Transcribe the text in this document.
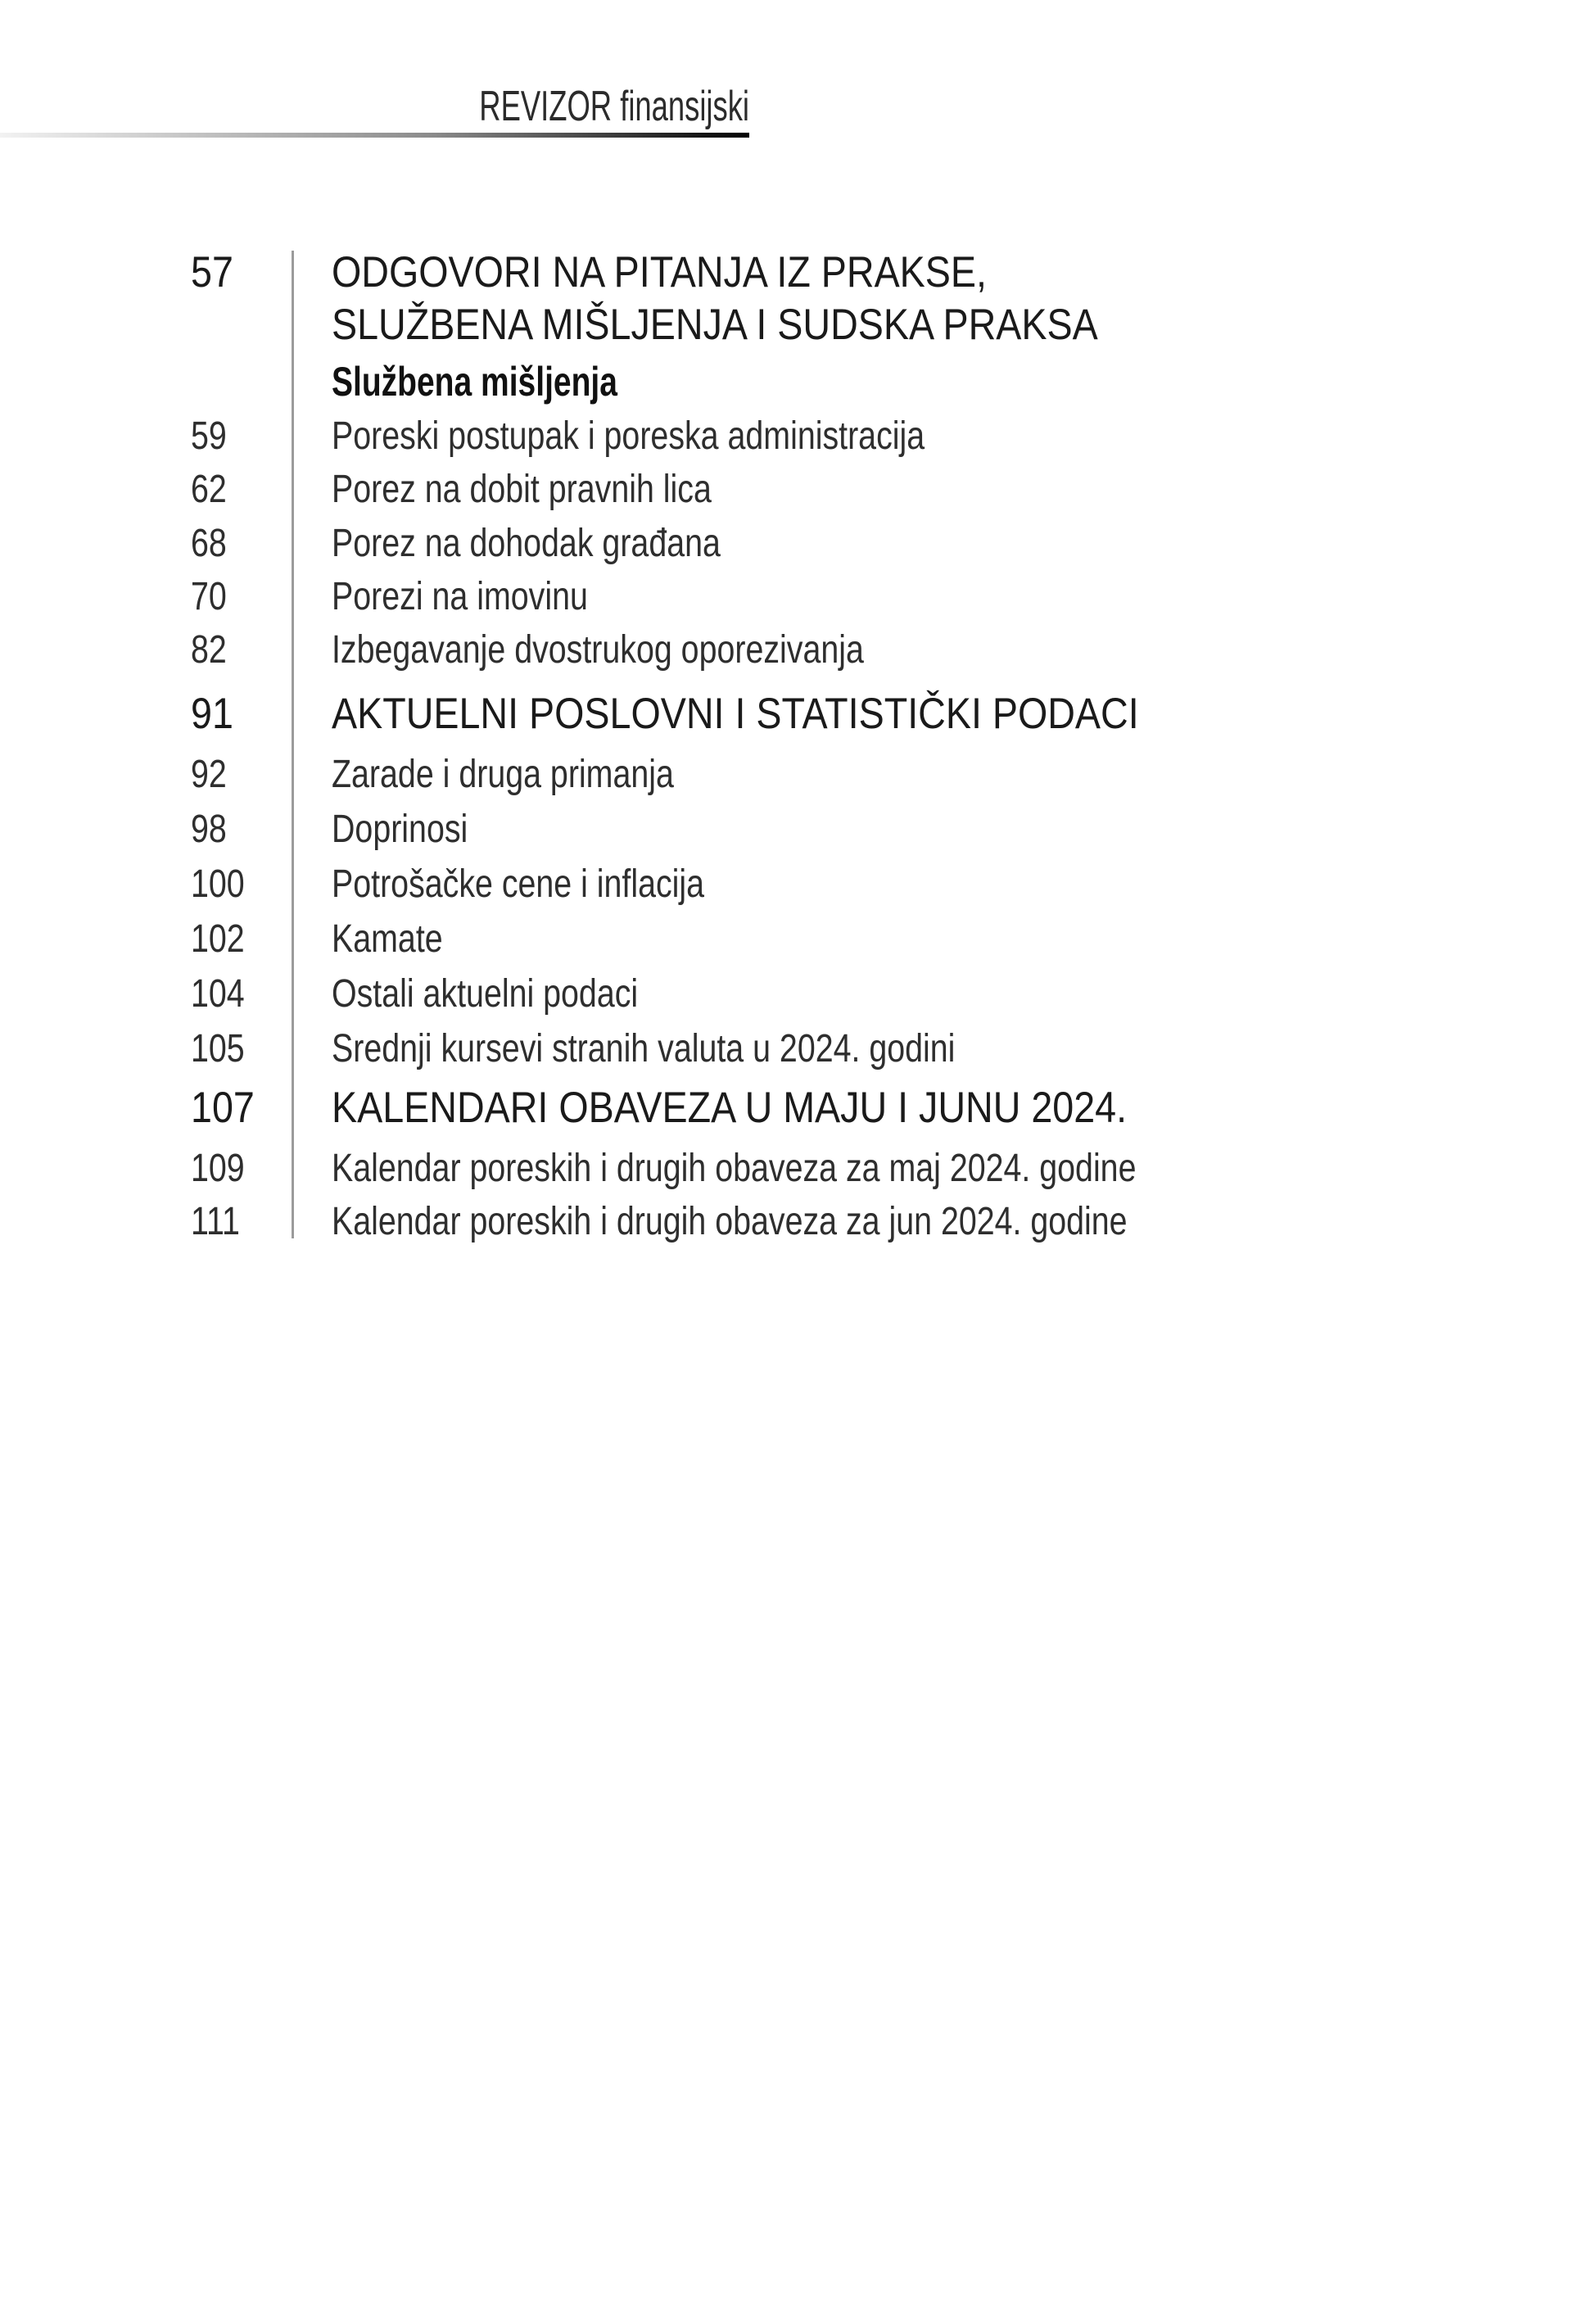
REVIZOR finansijski
57 ODGOVORI NA PITANJA IZ PRAKSE,
SLUŽBENA MIŠLJENJA I SUDSKA PRAKSA
Službena mišljenja
59	Poreski postupak i poreska administracija
62	Porez na dobit pravnih lica
68	Porez na dohodak građana
70	Porezi na imovinu
82	Izbegavanje dvostrukog oporezivanja
91 AKTUELNI POSLOVNI I STATISTIČKI PODACI
92	Zarade i druga primanja
98	Doprinosi
100	Potrošačke cene i inflacija
102	Kamate
104	Ostali aktuelni podaci
105	Srednji kursevi stranih valuta u 2024. godini
107 KALENDARI OBAVEZA U MAJU I JUNU 2024.
109	Kalendar poreskih i drugih obaveza za maj 2024. godine
111 Kalendar poreskih i drugih obaveza za jun 2024. godine
